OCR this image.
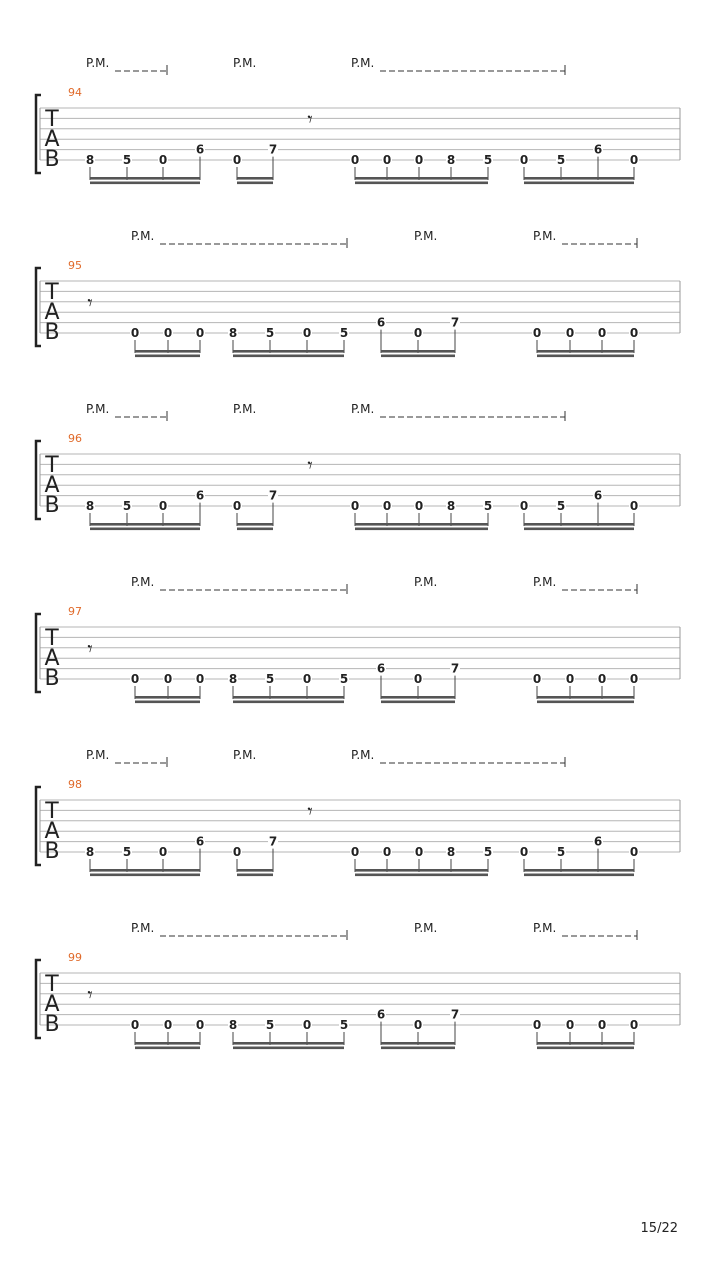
P.M.	P.M.	P.M.
94
T
A
B
𝄾
8 5 0
6
0
7
0 0 0 8 5 0 5
6
0
P.M.	P.M.	P.M.
95
T
A
B
𝄾
0 0 0 8 5 0 5
6
0
7
0 0 0 0
P.M.	P.M.	P.M.
96
T
A
B
𝄾
8 5 0
6
0
7
0 0 0 8 5 0 5
6
0
P.M.	P.M.	P.M.
97
T
A
B
𝄾
0 0 0 8 5 0 5
6
0
7
0 0 0 0
P.M.	P.M.	P.M.
98
T
A
B
𝄾
8 5 0
6
0
7
0 0 0 8 5 0 5
6
0
P.M.	P.M.	P.M.
99
T
A
B
𝄾
0 0 0 8 5 0 5
6
0
7
0 0 0 0
15/22
